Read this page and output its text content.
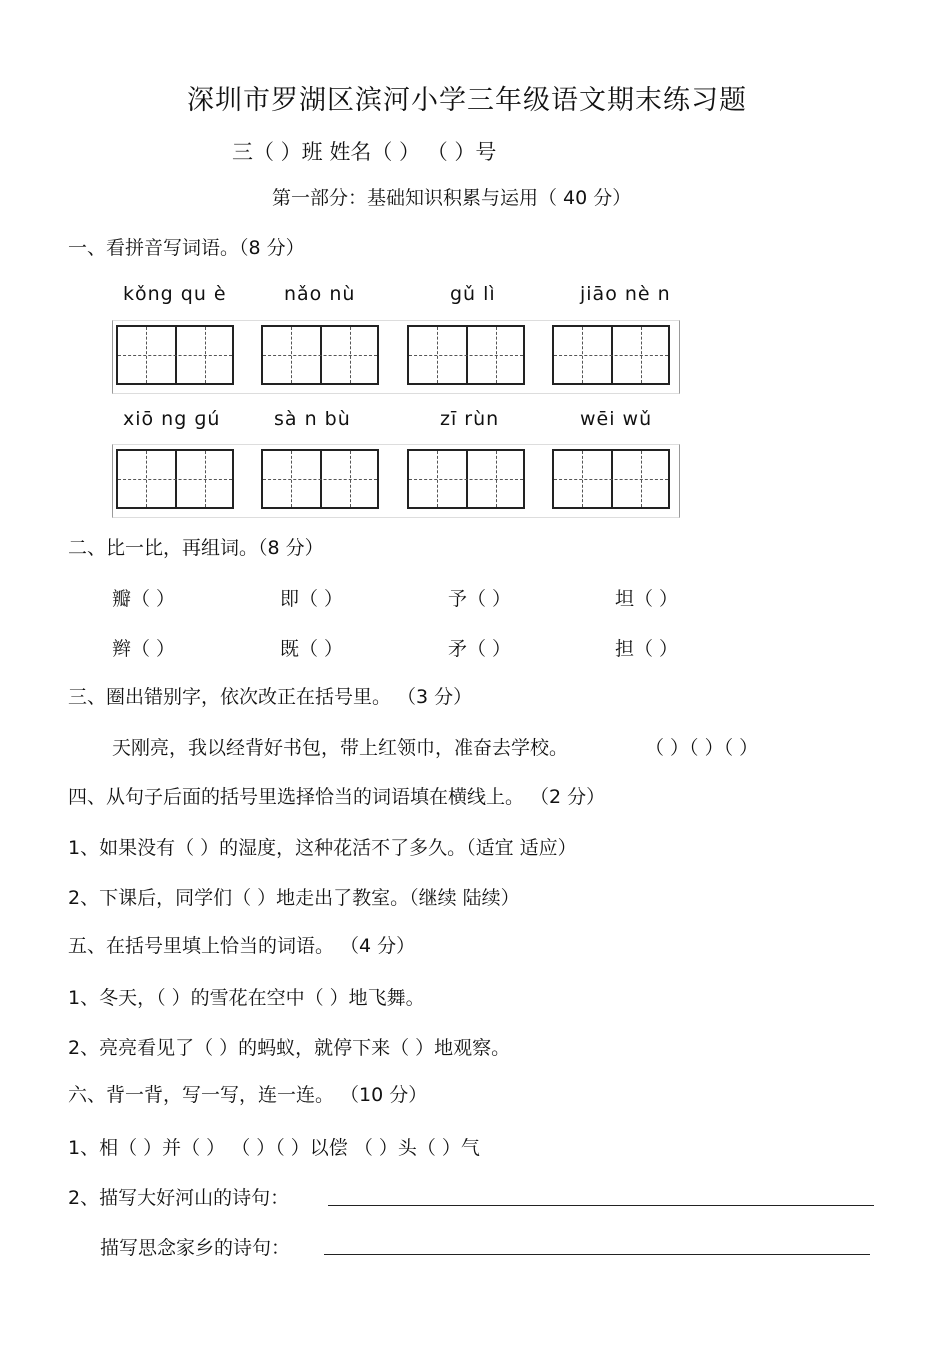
深圳市罗湖区滨河小学三年级语文期末练习题
三（ ）班 姓名（ ） （ ）号
第一部分：基础知识积累与运用（ 40 分）
一、看拼音写词语。（8 分）
kǒng qu è	nǎo nù	gǔ lì	jiāo nè n
xiō ng ɡú	sà n bù	zī rùn	wēi wǔ
二、比一比，再组词。（8 分）
瓣（ ）	即（ ）	予（ ）	坦（ ）
辫（ ）	既（ ）	矛（ ）	担（ ）
三、圈出错别字，依次改正在括号里。 （3 分）
天刚亮，我以经背好书包，带上红领巾，准奋去学校。	（ ）（ ）（ ）
四、从句子后面的括号里选择恰当的词语填在横线上。 （2 分）
1、如果没有（ ）的湿度，这种花活不了多久。（适宜 适应）
2、下课后，同学们（ ）地走出了教室。（继续 陆续）
五、在括号里填上恰当的词语。 （4 分）
1、冬天，（ ）的雪花在空中（ ）地飞舞。
2、亮亮看见了（ ）的蚂蚁，就停下来（ ）地观察。
六、背一背，写一写，连一连。 （10 分）
1、相（ ）并（ ） （ ）（ ）以偿 （ ）头（ ）气
2、描写大好河山的诗句：
描写思念家乡的诗句：
